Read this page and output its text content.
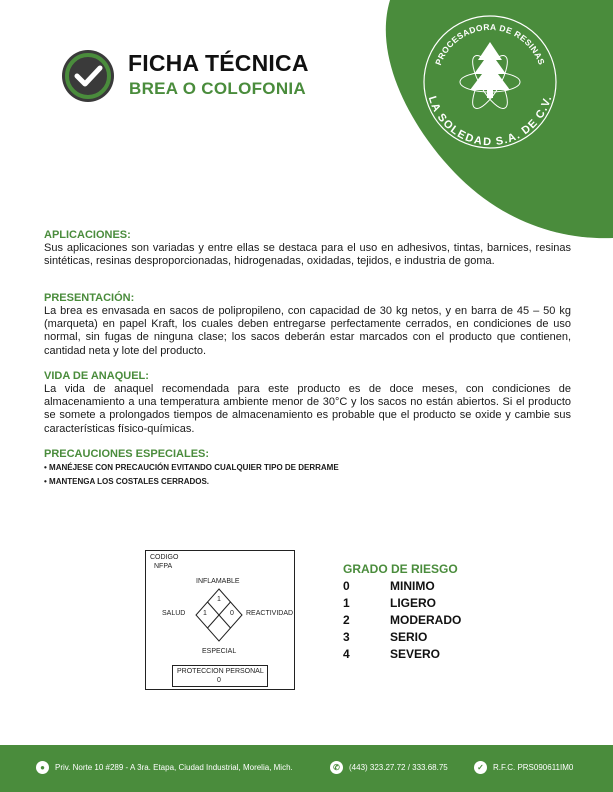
FICHA TÉCNICA
BREA O COLOFONIA
PROCESADORA DE RESINAS
LA SOLEDAD S.A. DE C.V.

APLICACIONES:

Sus aplicaciones son variadas y entre ellas se destaca para el uso en adhesivos, tintas, barnices, resinas sintéticas, resinas desproporcionadas, hidrogenadas, oxidadas, tejidos, e industria de goma.

PRESENTACIÓN:

La brea es envasada en sacos de polipropileno, con capacidad de 30 kg netos, y en barra de 45 – 50 kg (marqueta) en papel Kraft, los cuales deben entregarse perfectamente cerrados, en condiciones de uso normal, sin fugas de ninguna clase; los sacos deberán estar marcados con el producto que contienen, cantidad neta y lote del producto.

VIDA DE ANAQUEL:

La vida de anaquel recomendada para este producto es de doce meses, con condiciones de almacenamiento a una temperatura ambiente menor de 30°C y los sacos no están abiertos. Si el producto se somete a prolongados tiempos de almacenamiento es probable que el producto se oxide y cambie sus características físico-químicas.

PRECAUCIONES ESPECIALES:

• MANÉJESE CON PRECAUCIÓN EVITANDO CUALQUIER TIPO DE DERRAME
• MANTENGA LOS COSTALES CERRADOS.
CODIGO
NFPA
INFLAMABLE
SALUD	REACTIVIDAD
ESPECIAL
1
1	0
PROTECCION PERSONAL
0
GRADO DE RIESGO
0	MINIMO
1	LIGERO
2	MODERADO
3	SERIO
4	SEVERO
●	Priv. Norte 10 #289 - A 3ra. Etapa, Ciudad Industrial, Morelia, Mich.	✆	(443) 323.27.72 / 333.68.75	✓	R.F.C. PRS090611IM0
